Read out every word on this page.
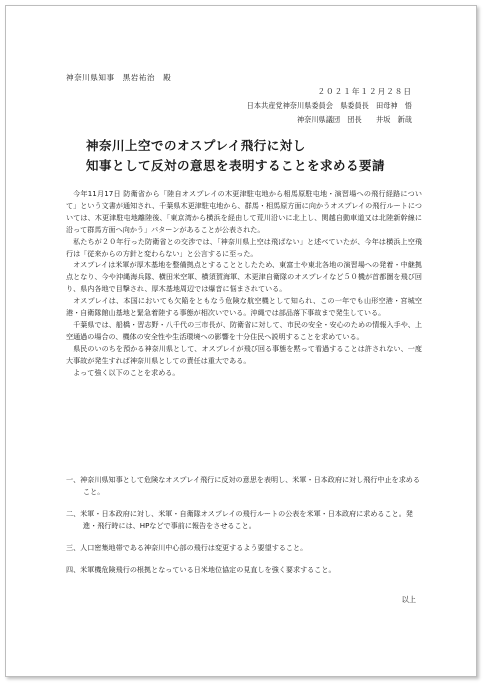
神奈川県知事　黒岩祐治　殿
２０２１年１２月２８日
日本共産党神奈川県委員会　県委員長　田母神　悟
神奈川県議団　団長　　井坂　新哉
神奈川上空でのオスプレイ飛行に対し
知事として反対の意思を表明することを求める要請

今年11月17日 防衛省から「陸自オスプレイの木更津駐屯地から相馬原駐屯地・演習場への飛行経路について」という文書が通知され、千葉県木更津駐屯地から、群馬・相馬原方面に向かうオスプレイの飛行ルートについては、木更津駐屯地離陸後、「東京湾から横浜を経由して荒川沿いに北上し、関越自動車道又は北陸新幹線に沿って群馬方面へ向かう」パターンがあることが公表された。

私たちが２０年行った防衛省との交渉では、「神奈川県上空は飛ばない」と述べていたが、今年は横浜上空飛行は「従来からの方針と変わらない」と公言するに至った。

オスプレイは米軍が厚木基地を整備拠点とすることとしたため、東富士や東北各地の演習場への発着・中継拠点となり、今や沖縄海兵隊、横田米空軍、横須賀海軍、木更津自衛隊のオスプレイなど５０機が首都圏を飛び回り、県内各地で目撃され、厚木基地周辺では爆音に悩まされている。

オスプレイは、本国においても欠陥をともなう危険な航空機として知られ、この一年でも山形空港・宮城空港・自衛隊館山基地と緊急着陸する事態が相次いでいる。沖縄では部品落下事故まで発生している。

千葉県では、船橋・習志野・八千代の三市長が、防衛省に対して、市民の安全・安心のための情報入手や、上空通過の場合の、機体の安全性や生活環境への影響を十分住民へ説明することを求めている。

県民のいのちを預かる神奈川県として、オスプレイが飛び回る事態を黙って看過することは許されない、一度大事故が発生すれば神奈川県としての責任は重大である。

よって強く以下のことを求める。

一、神奈川県知事として危険なオスプレイ飛行に反対の意思を表明し、米軍・日本政府に対し飛行中止を求めること。

二、米軍・日本政府に対し、米軍・自衛隊オスプレイの飛行ルートの公表を米軍・日本政府に求めること。発進・飛行時には、HPなどで事前に報告をさせること。

三、人口密集地帯である神奈川中心部の飛行は変更するよう要望すること。

四、米軍機危険飛行の根拠となっている日米地位協定の見直しを強く要求すること。

以上
